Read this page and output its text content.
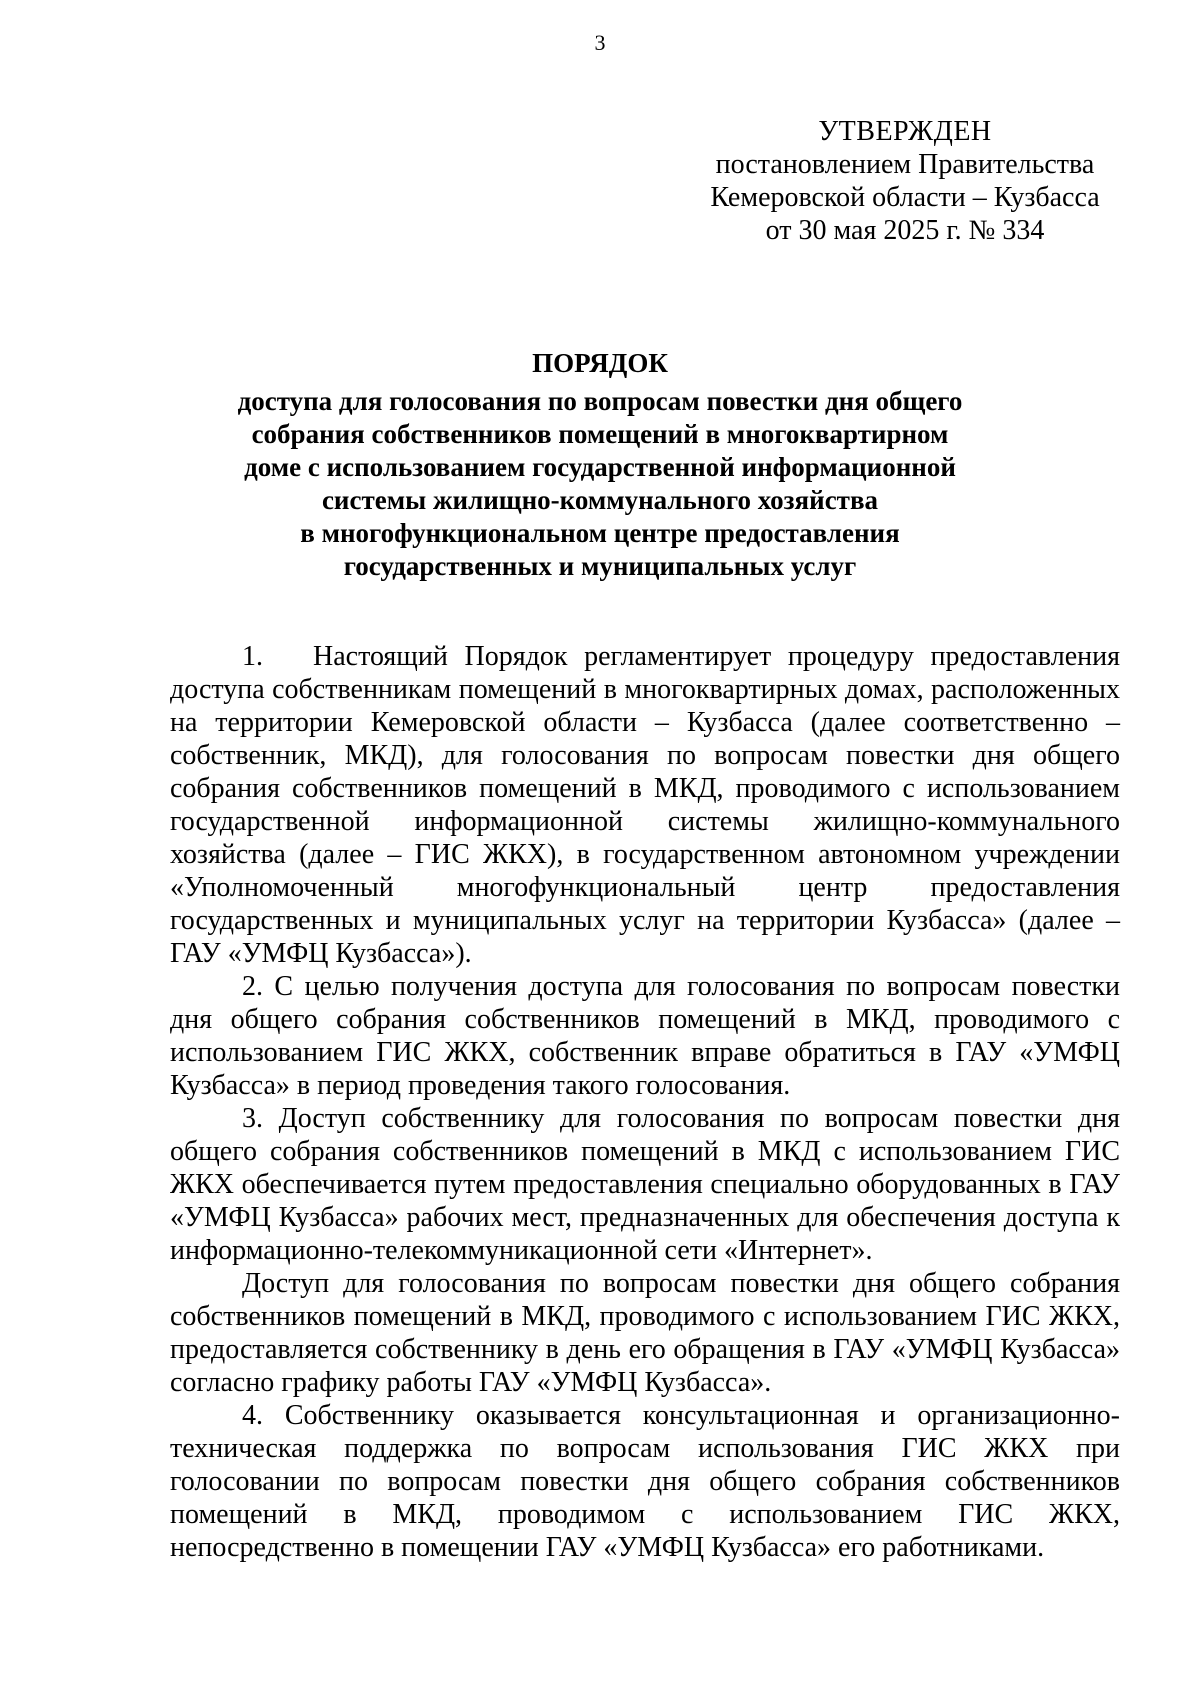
3
УТВЕРЖДЕН
постановлением Правительства
Кемеровской области – Кузбасса
от 30 мая 2025 г. № 334
ПОРЯДОК
доступа для голосования по вопросам повестки дня общего
собрания собственников помещений в многоквартирном
доме с использованием государственной информационной
системы жилищно-коммунального хозяйства
в многофункциональном центре предоставления
государственных и муниципальных услуг

1. Настоящий Порядок регламентирует процедуру предоставления доступа собственникам помещений в многоквартирных домах, расположенных на территории Кемеровской области – Кузбасса (далее соответственно – собственник, МКД), для голосования по вопросам повестки дня общего собрания собственников помещений в МКД, проводимого с использованием государственной информационной системы жилищно-коммунального хозяйства (далее – ГИС ЖКХ), в государственном автономном учреждении «Уполномоченный многофункциональный центр предоставления государственных и муниципальных услуг на территории Кузбасса» (далее – ГАУ «УМФЦ Кузбасса»).

2. С целью получения доступа для голосования по вопросам повестки дня общего собрания собственников помещений в МКД, проводимого с использованием ГИС ЖКХ, собственник вправе обратиться в ГАУ «УМФЦ Кузбасса» в период проведения такого голосования.

3. Доступ собственнику для голосования по вопросам повестки дня общего собрания собственников помещений в МКД с использованием ГИС ЖКХ обеспечивается путем предоставления специально оборудованных в ГАУ «УМФЦ Кузбасса» рабочих мест, предназначенных для обеспечения доступа к информационно-телекоммуникационной сети «Интернет».

Доступ для голосования по вопросам повестки дня общего собрания собственников помещений в МКД, проводимого с использованием ГИС ЖКХ, предоставляется собственнику в день его обращения в ГАУ «УМФЦ Кузбасса» согласно графику работы ГАУ «УМФЦ Кузбасса».

4. Собственнику оказывается консультационная и организационно-техническая поддержка по вопросам использования ГИС ЖКХ при голосовании по вопросам повестки дня общего собрания собственников помещений в МКД, проводимом с использованием ГИС ЖКХ, непосредственно в помещении ГАУ «УМФЦ Кузбасса» его работниками.
